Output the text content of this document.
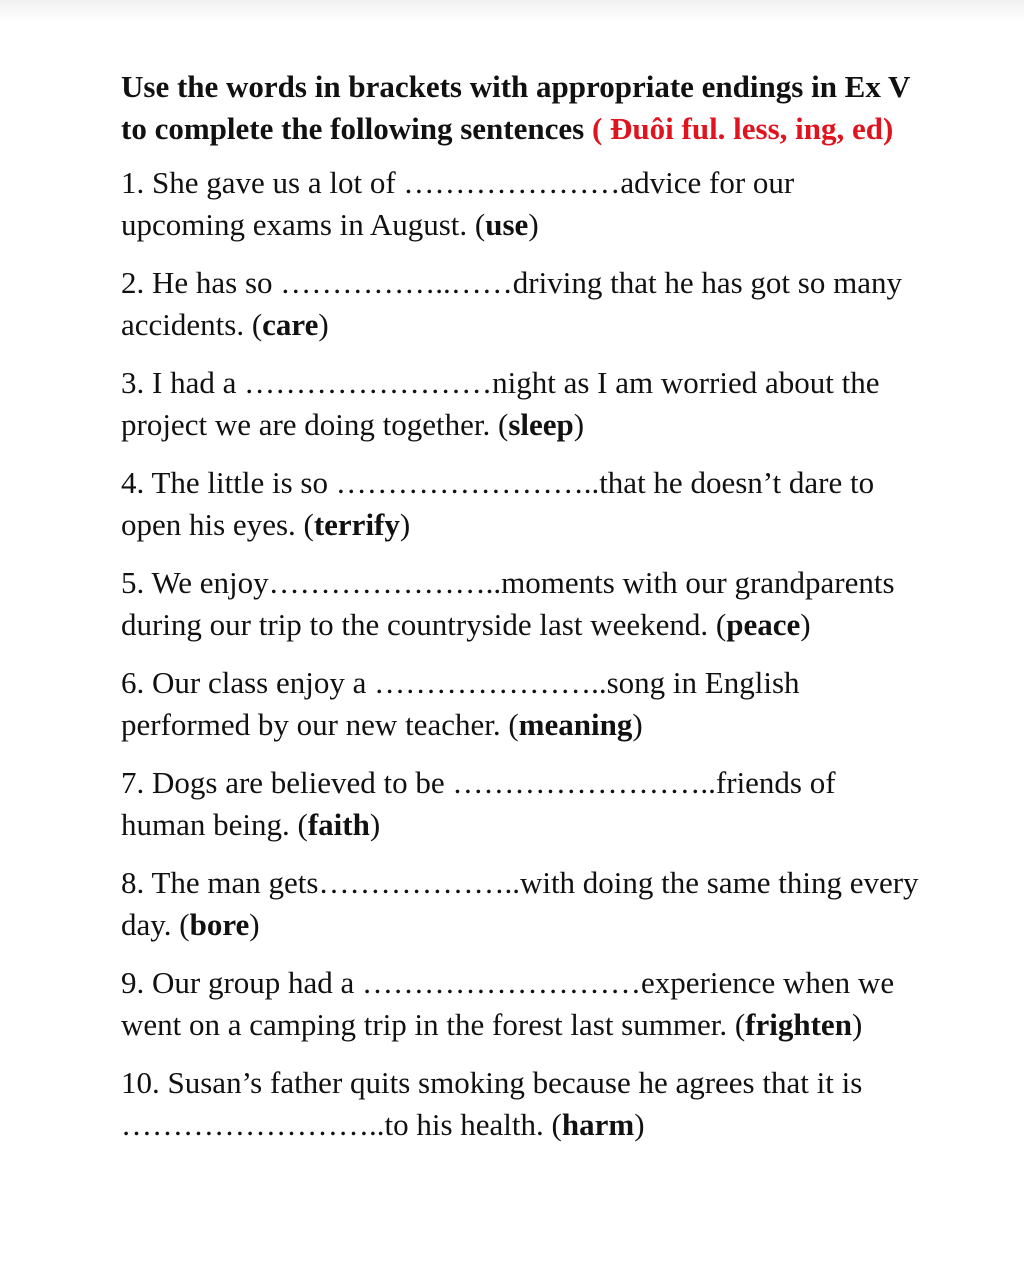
Use the words in brackets with appropriate endings in Ex V to complete the following sentences ( Đuôi ful. less, ing, ed)

1. She gave us a lot of …………………advice for our upcoming exams in August. (use)

2. He has so ……………..……driving that he has got so many accidents. (care)

3. I had a ……………………night as I am worried about the project we are doing together. (sleep)

4. The little is so ……………………..that he doesn’t dare to open his eyes. (terrify)

5. We enjoy…………………..moments with our grandparents during our trip to the countryside last weekend. (peace)

6. Our class enjoy a …………………..song in English performed by our new teacher. (meaning)

7. Dogs are believed to be ……………………..friends of human being. (faith)

8. The man gets………………..with doing the same thing every day. (bore)

9. Our group had a ………………………experience when we went on a camping trip in the forest last summer. (frighten)

10. Susan’s father quits smoking because he agrees that it is ……………………..to his health. (harm)
